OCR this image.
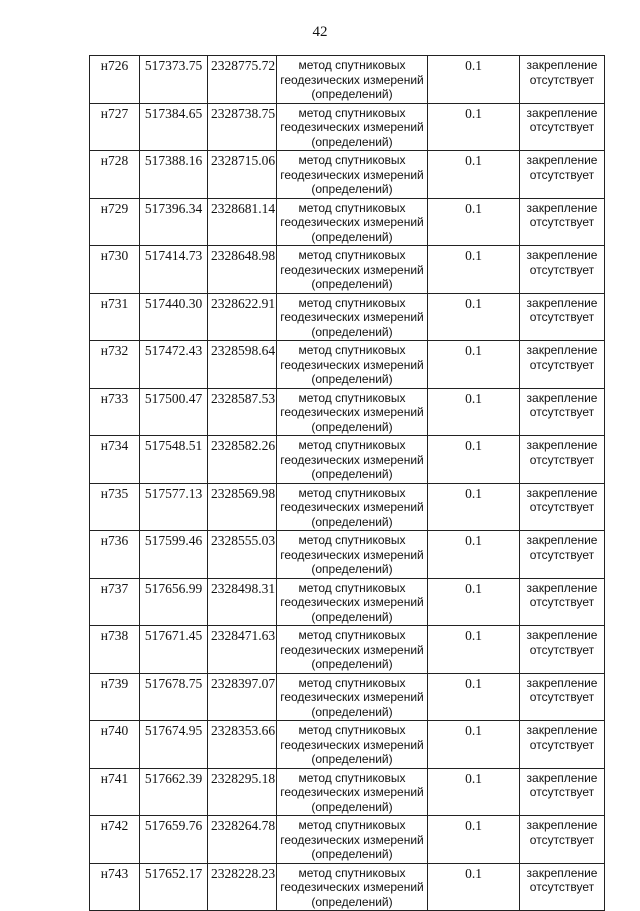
42
н726	517373.75	2328775.72	метод спутниковых геодезических измерений (определений)	0.1	закрепление отсутствует
н727	517384.65	2328738.75	метод спутниковых геодезических измерений (определений)	0.1	закрепление отсутствует
н728	517388.16	2328715.06	метод спутниковых геодезических измерений (определений)	0.1	закрепление отсутствует
н729	517396.34	2328681.14	метод спутниковых геодезических измерений (определений)	0.1	закрепление отсутствует
н730	517414.73	2328648.98	метод спутниковых геодезических измерений (определений)	0.1	закрепление отсутствует
н731	517440.30	2328622.91	метод спутниковых геодезических измерений (определений)	0.1	закрепление отсутствует
н732	517472.43	2328598.64	метод спутниковых геодезических измерений (определений)	0.1	закрепление отсутствует
н733	517500.47	2328587.53	метод спутниковых геодезических измерений (определений)	0.1	закрепление отсутствует
н734	517548.51	2328582.26	метод спутниковых геодезических измерений (определений)	0.1	закрепление отсутствует
н735	517577.13	2328569.98	метод спутниковых геодезических измерений (определений)	0.1	закрепление отсутствует
н736	517599.46	2328555.03	метод спутниковых геодезических измерений (определений)	0.1	закрепление отсутствует
н737	517656.99	2328498.31	метод спутниковых геодезических измерений (определений)	0.1	закрепление отсутствует
н738	517671.45	2328471.63	метод спутниковых геодезических измерений (определений)	0.1	закрепление отсутствует
н739	517678.75	2328397.07	метод спутниковых геодезических измерений (определений)	0.1	закрепление отсутствует
н740	517674.95	2328353.66	метод спутниковых геодезических измерений (определений)	0.1	закрепление отсутствует
н741	517662.39	2328295.18	метод спутниковых геодезических измерений (определений)	0.1	закрепление отсутствует
н742	517659.76	2328264.78	метод спутниковых геодезических измерений (определений)	0.1	закрепление отсутствует
н743	517652.17	2328228.23	метод спутниковых геодезических измерений (определений)	0.1	закрепление отсутствует
